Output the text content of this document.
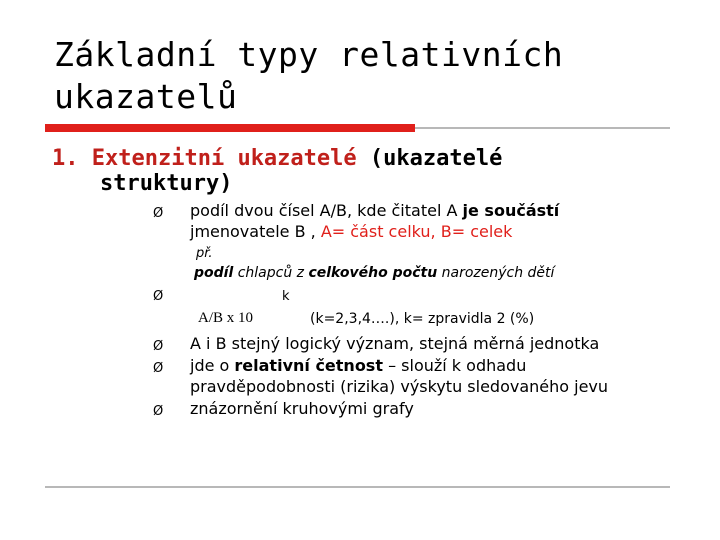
Základní typy relativních
ukazatelů
1. Extenzitní ukazatelé (ukazatelé
struktury)
Ø podíl dvou čísel A/B, kde čitatel A je součástí
jmenovatele B , A= část celku, B= celek
př.
podíl chlapců z celkového počtu narozených dětí
Ø	k
A/B x 10	(k=2,3,4….), k= zpravidla 2 (%)
Ø A i B stejný logický význam, stejná měrná jednotka
Ø jde o relativní četnost – slouží k odhadu
pravděpodobnosti (rizika) výskytu sledovaného jevu
Ø znázornění kruhovými grafy
